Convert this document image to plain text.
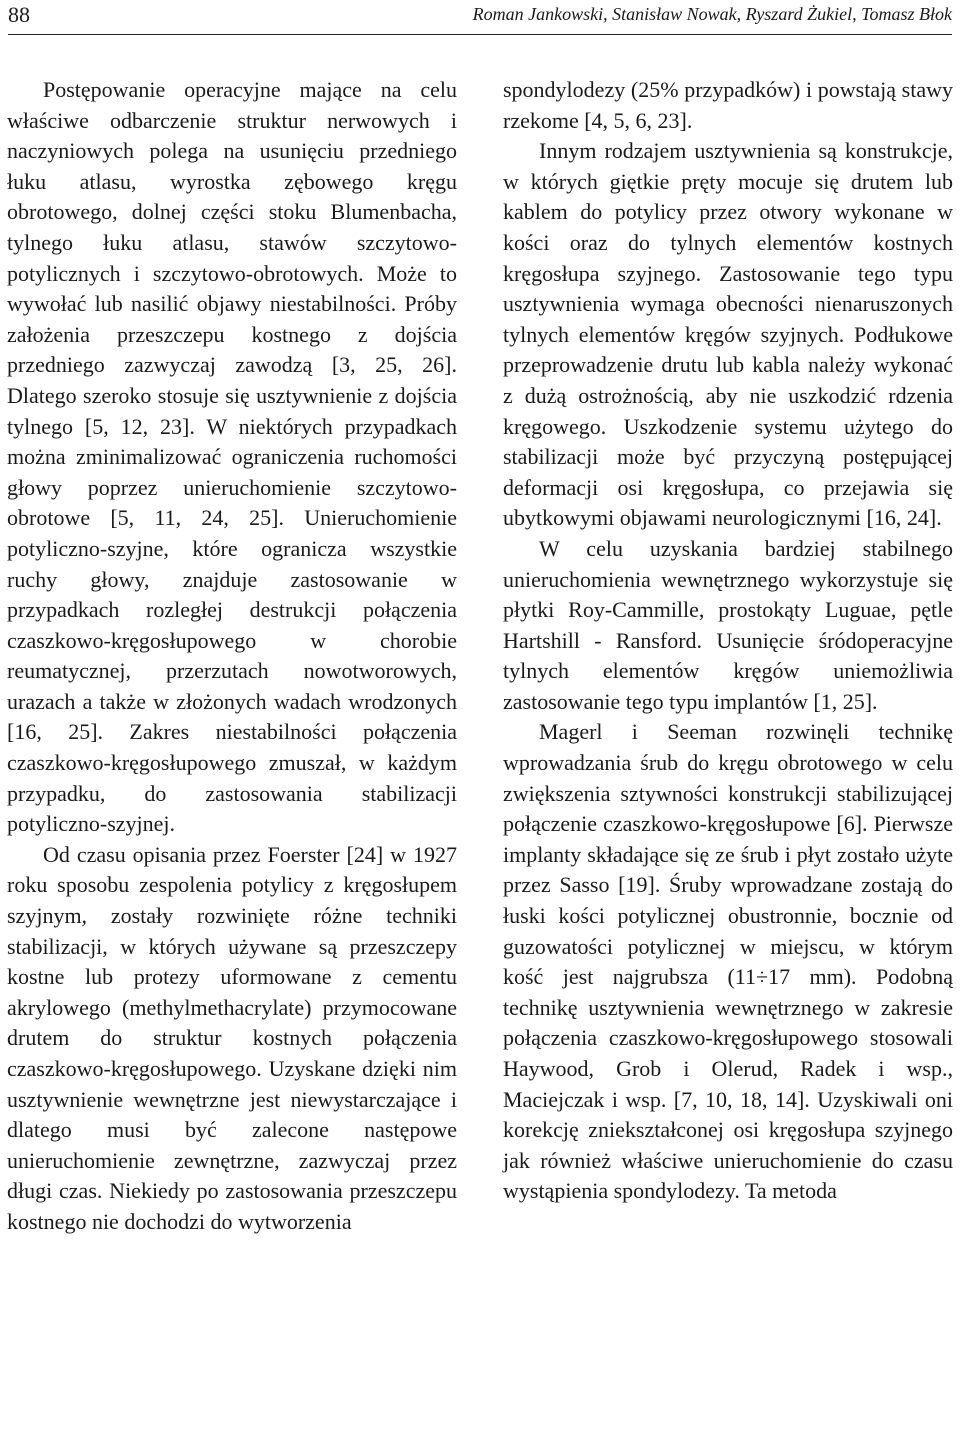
88	Roman Jankowski, Stanisław Nowak, Ryszard Żukiel, Tomasz Błok

Postępowanie operacyjne mające na celu właściwe odbarczenie struktur nerwowych i naczyniowych polega na usunięciu przedniego łuku atlasu, wyrostka zębowego kręgu obrotowego, dolnej części stoku Blumenbacha, tylnego łuku atlasu, stawów szczytowo-potylicznych i szczytowo-obrotowych. Może to wywołać lub nasilić objawy niestabilności. Próby założenia przeszczepu kostnego z dojścia przedniego zazwyczaj zawodzą [3, 25, 26]. Dlatego szeroko stosuje się usztywnienie z dojścia tylnego [5, 12, 23]. W niektórych przypadkach można zminimalizować ograniczenia ruchomości głowy poprzez unieruchomienie szczytowo-obrotowe [5, 11, 24, 25]. Unieruchomienie potyliczno-szyjne, które ogranicza wszystkie ruchy głowy, znajduje zastosowanie w przypadkach rozległej destrukcji połączenia czaszkowo-kręgosłupowego w chorobie reumatycznej, przerzutach nowotworowych, urazach a także w złożonych wadach wrodzonych [16, 25]. Zakres niestabilności połączenia czaszkowo-kręgosłupowego zmuszał, w każdym przypadku, do zastosowania stabilizacji potyliczno-szyjnej.

Od czasu opisania przez Foerster [24] w 1927 roku sposobu zespolenia potylicy z kręgosłupem szyjnym, zostały rozwinięte różne techniki stabilizacji, w których używane są przeszczepy kostne lub protezy uformowane z cementu akrylowego (methylmethacrylate) przymocowane drutem do struktur kostnych połączenia czaszkowo-kręgosłupowego. Uzyskane dzięki nim usztywnienie wewnętrzne jest niewystarczające i dlatego musi być zalecone następowe unieruchomienie zewnętrzne, zazwyczaj przez długi czas. Niekiedy po zastosowania przeszczepu kostnego nie dochodzi do wytworzenia

spondylodezy (25% przypadków) i powstają stawy rzekome [4, 5, 6, 23].

Innym rodzajem usztywnienia są konstrukcje, w których giętkie pręty mocuje się drutem lub kablem do potylicy przez otwory wykonane w kości oraz do tylnych elementów kostnych kręgosłupa szyjnego. Zastosowanie tego typu usztywnienia wymaga obecności nienaruszonych tylnych elementów kręgów szyjnych. Podłukowe przeprowadzenie drutu lub kabla należy wykonać z dużą ostrożnością, aby nie uszkodzić rdzenia kręgowego. Uszkodzenie systemu użytego do stabilizacji może być przyczyną postępującej deformacji osi kręgosłupa, co przejawia się ubytkowymi objawami neurologicznymi [16, 24].

W celu uzyskania bardziej stabilnego unieruchomienia wewnętrznego wykorzystuje się płytki Roy-Cammille, prostokąty Luguae, pętle Hartshill - Ransford. Usunięcie śródoperacyjne tylnych elementów kręgów uniemożliwia zastosowanie tego typu implantów [1, 25].

Magerl i Seeman rozwinęli technikę wprowadzania śrub do kręgu obrotowego w celu zwiększenia sztywności konstrukcji stabilizującej połączenie czaszkowo-kręgosłupowe [6]. Pierwsze implanty składające się ze śrub i płyt zostało użyte przez Sasso [19]. Śruby wprowadzane zostają do łuski kości potylicznej obustronnie, bocznie od guzowatości potylicznej w miejscu, w którym kość jest najgrubsza (11÷17 mm). Podobną technikę usztywnienia wewnętrznego w zakresie połączenia czaszkowo-kręgosłupowego stosowali Haywood, Grob i Olerud, Radek i wsp., Maciejczak i wsp. [7, 10, 18, 14]. Uzyskiwali oni korekcję zniekształconej osi kręgosłupa szyjnego jak również właściwe unieruchomienie do czasu wystąpienia spondylodezy. Ta metoda
